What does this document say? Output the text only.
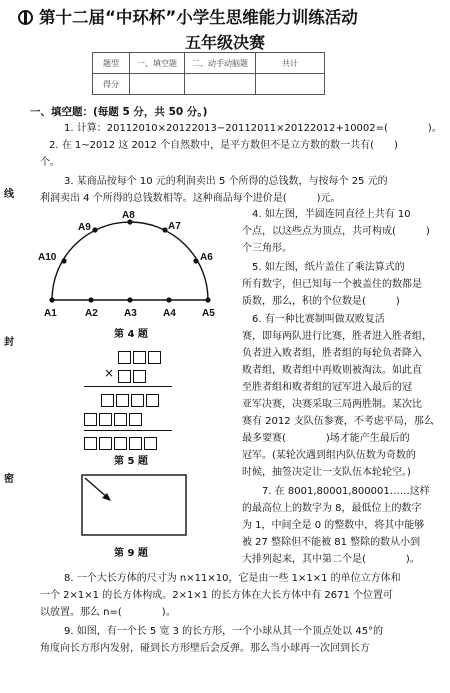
第十二届“中环杯”小学生思维能力训练活动
五年级决赛
题型	一、填空题	二、动手动脑题	共计
得分			
线
封
密
一、填空题：(每题 5 分，共 50 分。)
1. 计算：20112010×20122013−20112011×20122012+10002=(　　　　)。
2. 在 1~2012 这 2012 个自然数中，是平方数但不是立方数的数一共有(　　)
个。
3. 某商品按每个 10 元的利润卖出 5 个所得的总钱数，与按每个 25 元的
利润卖出 4 个所得的总钱数相等。这种商品每个进价是(　　　)元。
A1	A2	A3	A4	A5
A10
A9
A8
A7
A6
第 4 题
4. 如左图，半圆连同直径上共有 10
个点，以这些点为顶点，共可构成(　　　)
个三角形。
5. 如左图，纸片盖住了乘法算式的
所有数字，但已知每一个被盖住的数都是
质数，那么，积的个位数是(　　　)
6. 有一种比赛制叫做双败复活
赛，即每两队进行比赛，胜者进入胜者组，
负者进入败者组，胜者组的每轮负者降入
败者组，败者组中再败则被淘汰。如此直
至胜者组和败者组的冠军进入最后的冠
亚军决赛，决赛采取三局两胜制。某次比
赛有 2012 支队伍参赛，不考虑平局，那么
最多要赛(　　　　)场才能产生最后的
冠军。(某轮次遇到组内队伍数为奇数的
时候，抽签决定让一支队伍本轮轮空。)
×
第 5 题
第 9 题
7. 在 8001,80001,800001……这样
的最高位上的数字为 8，最低位上的数字
为 1，中间全是 0 的整数中，将其中能够
被 27 整除但不能被 81 整除的数从小到
大排列起来，其中第二个是(　　　　)。
8. 一个大长方体的尺寸为 n×11×10，它是由一些 1×1×1 的单位立方体和
一个 2×1×1 的长方体构成。2×1×1 的长方体在大长方体中有 2671 个位置可
以放置。那么 n=(　　　　)。
9. 如图，有一个长 5 宽 3 的长方形，一个小球从其一个顶点处以 45°的
角度向长方形内发射，碰到长方形壁后会反弹。那么当小球再一次回到长方
